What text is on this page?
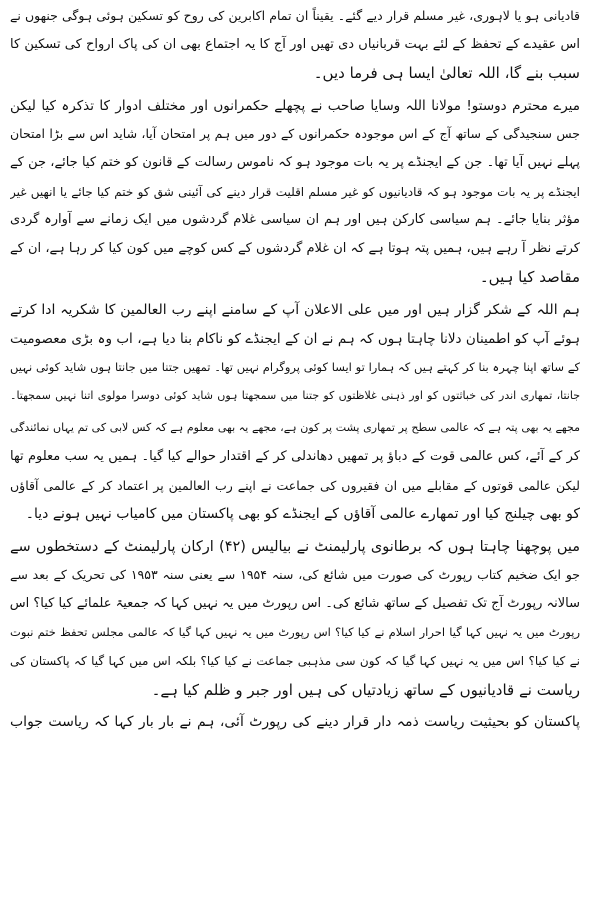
قادیانی ہو یا لاہوری، غیر مسلم قرار دیے گئے۔ یقیناً ان تمام اکابرین کی روح کو تسکین ہوئی ہوگی جنھوں نے
اس عقیدے کے تحفظ کے لئے بہت قربانیاں دی تھیں اور آج کا یہ اجتماع بھی ان کی پاک ارواح کی تسکین کا
سبب بنے گا، اللہ تعالیٰ ایسا ہی فرما دیں۔
میرے محترم دوستو! مولانا اللہ وسایا صاحب نے پچھلے حکمرانوں اور مختلف ادوار کا تذکرہ کیا لیکن
جس سنجیدگی کے ساتھ آج کے اس موجودہ حکمرانوں کے دور میں ہم پر امتحان آیا، شاید اس سے بڑا امتحان
پہلے نہیں آیا تھا۔ جن کے ایجنڈے پر یہ بات موجود ہو کہ ناموس رسالت کے قانون کو ختم کیا جائے، جن کے
ایجنڈے پر یہ بات موجود ہو کہ قادیانیوں کو غیر مسلم اقلیت قرار دینے کی آئینی شق کو ختم کیا جائے یا انھیں غیر
مؤثر بنایا جائے۔ ہم سیاسی کارکن ہیں اور ہم ان سیاسی غلام گردشوں میں ایک زمانے سے آوارہ گردی
کرتے نظر آ رہے ہیں، ہمیں پتہ ہوتا ہے کہ ان غلام گردشوں کے کس کوچے میں کون کیا کر رہا ہے، ان کے
مقاصد کیا ہیں۔
ہم اللہ کے شکر گزار ہیں اور میں علی الاعلان آپ کے سامنے اپنے رب العالمین کا شکریہ ادا کرتے
ہوئے آپ کو اطمینان دلانا چاہتا ہوں کہ ہم نے ان کے ایجنڈے کو ناکام بنا دیا ہے، اب وہ بڑی معصومیت
کے ساتھ اپنا چہرہ بنا کر کہتے ہیں کہ ہمارا تو ایسا کوئی پروگرام نہیں تھا۔ تمھیں جتنا میں جانتا ہوں شاید کوئی نہیں
جانتا، تمھاری اندر کی خباثتوں کو اور ذہنی غلاظتوں کو جتنا میں سمجھتا ہوں شاید کوئی دوسرا مولوی اتنا نہیں سمجھتا۔
مجھے یہ بھی پتہ ہے کہ عالمی سطح پر تمھاری پشت پر کون ہے، مجھے یہ بھی معلوم ہے کہ کس لابی کی تم یہاں نمائندگی
کر کے آئے، کس عالمی قوت کے دباؤ پر تمھیں دھاندلی کر کے اقتدار حوالے کیا گیا۔ ہمیں یہ سب معلوم تھا
لیکن عالمی قوتوں کے مقابلے میں ان فقیروں کی جماعت نے اپنے رب العالمین پر اعتماد کر کے عالمی آقاؤں
کو بھی چیلنج کیا اور تمھارے عالمی آقاؤں کے ایجنڈے کو بھی پاکستان میں کامیاب نہیں ہونے دیا۔
میں پوچھنا چاہتا ہوں کہ برطانوی پارلیمنٹ نے بیالیس (۴۲) ارکان پارلیمنٹ کے دستخطوں سے
جو ایک ضخیم کتاب رپورٹ کی صورت میں شائع کی، سنہ ۱۹۵۴ سے یعنی سنہ ۱۹۵۳ کی تحریک کے بعد سے
سالانہ رپورٹ آج تک تفصیل کے ساتھ شائع کی۔ اس رپورٹ میں یہ نہیں کہا کہ جمعیۃ علمائے کیا کیا؟ اس
رپورٹ میں یہ نہیں کہا گیا احرار اسلام نے کیا کیا؟ اس رپورٹ میں یہ نہیں کہا گیا کہ عالمی مجلس تحفظ ختم نبوت
نے کیا کیا؟ اس میں یہ نہیں کہا گیا کہ کون سی مذہبی جماعت نے کیا کیا؟ بلکہ اس میں کہا گیا کہ پاکستان کی
ریاست نے قادیانیوں کے ساتھ زیادتیاں کی ہیں اور جبر و ظلم کیا ہے۔
پاکستان کو بحیثیت ریاست ذمہ دار قرار دینے کی رپورٹ آئی، ہم نے بار بار کہا کہ ریاست جواب
